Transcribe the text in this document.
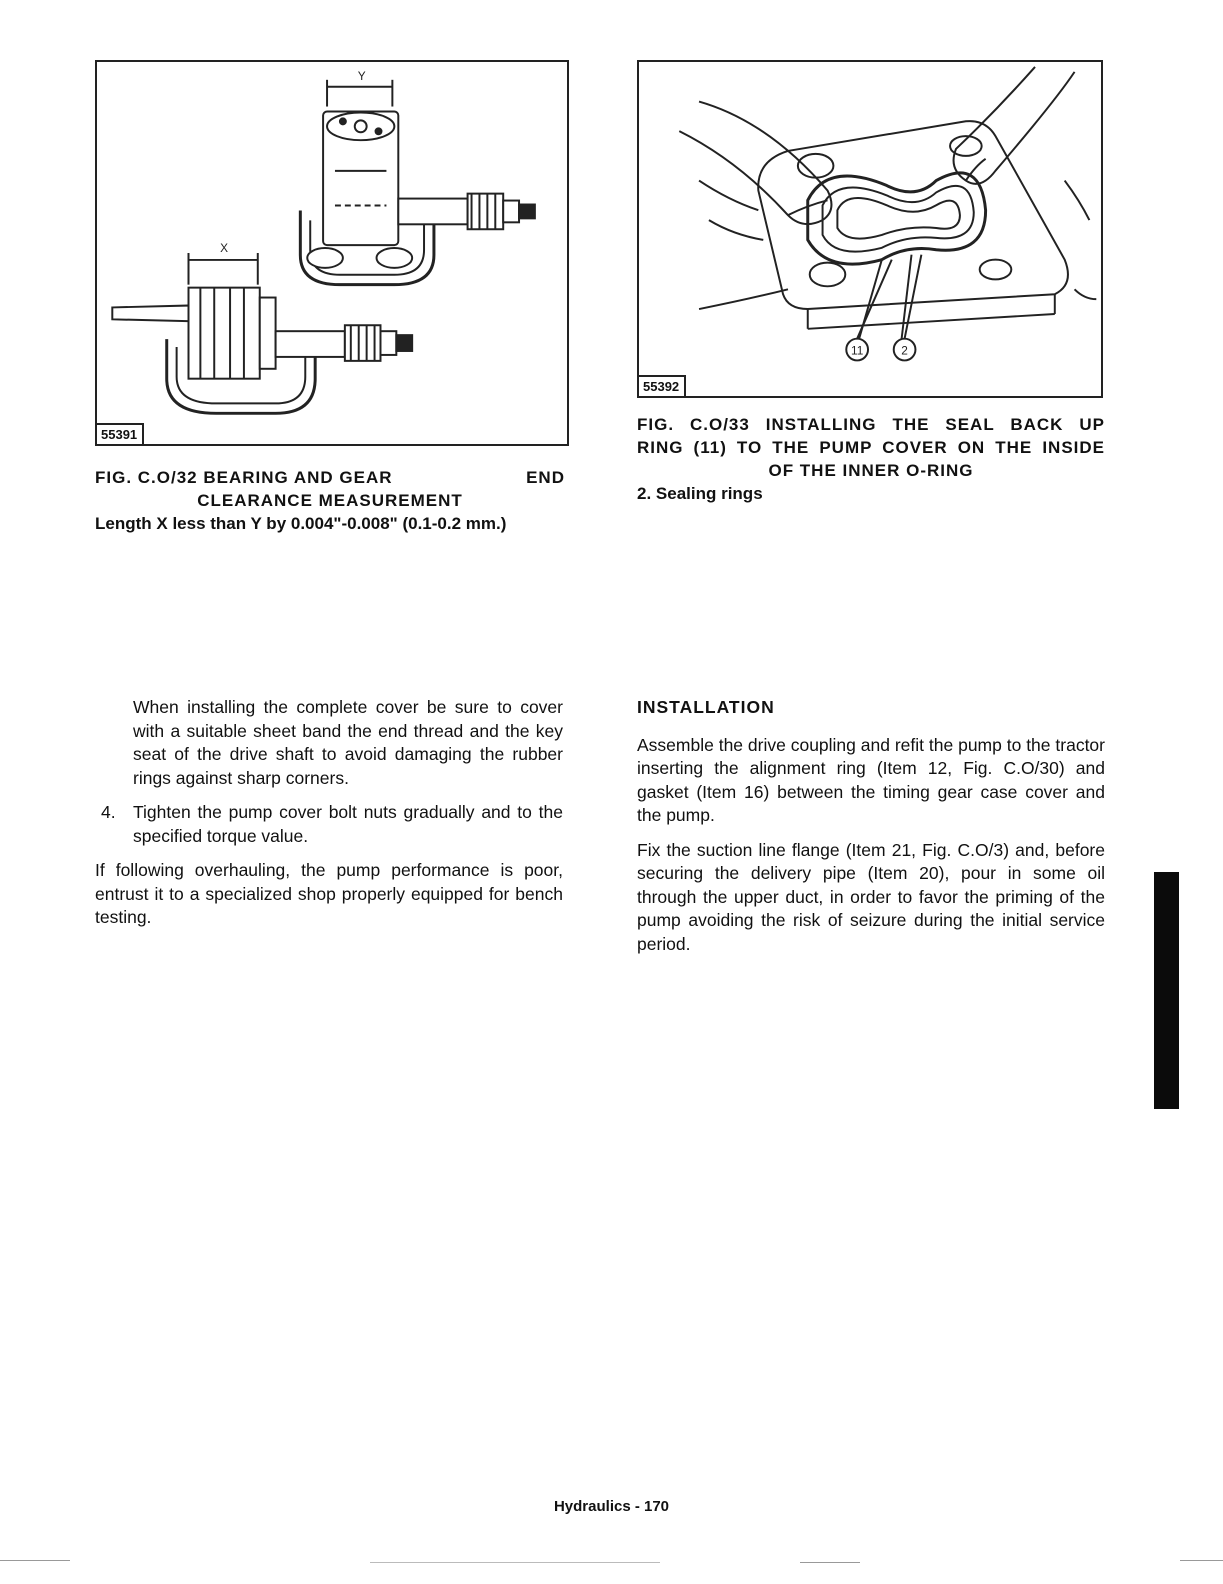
Y
X
55391
11	2
55392
FIG. C.O/32 BEARING AND GEAR	END
CLEARANCE MEASUREMENT
Length X less than Y by 0.004"-0.008" (0.1-0.2 mm.)
FIG. C.O/33 INSTALLING THE SEAL BACK UP
RING (11) TO THE PUMP COVER ON THE INSIDE
OF THE INNER O-RING
2. Sealing rings

When installing the complete cover be sure to cover with a suitable sheet band the end thread and the key seat of the drive shaft to avoid damaging the rubber rings against sharp corners.

4. Tighten the pump cover bolt nuts gradually and to the specified torque value.

If following overhauling, the pump performance is poor, entrust it to a specialized shop properly equipped for bench testing.

INSTALLATION

Assemble the drive coupling and refit the pump to the tractor inserting the alignment ring (Item 12, Fig. C.O/30) and gasket (Item 16) between the timing gear case cover and the pump.

Fix the suction line flange (Item 21, Fig. C.O/3) and, before securing the delivery pipe (Item 20), pour in some oil through the upper duct, in order to favor the priming of the pump avoiding the risk of seizure during the initial service period.

Hydraulics - 170
